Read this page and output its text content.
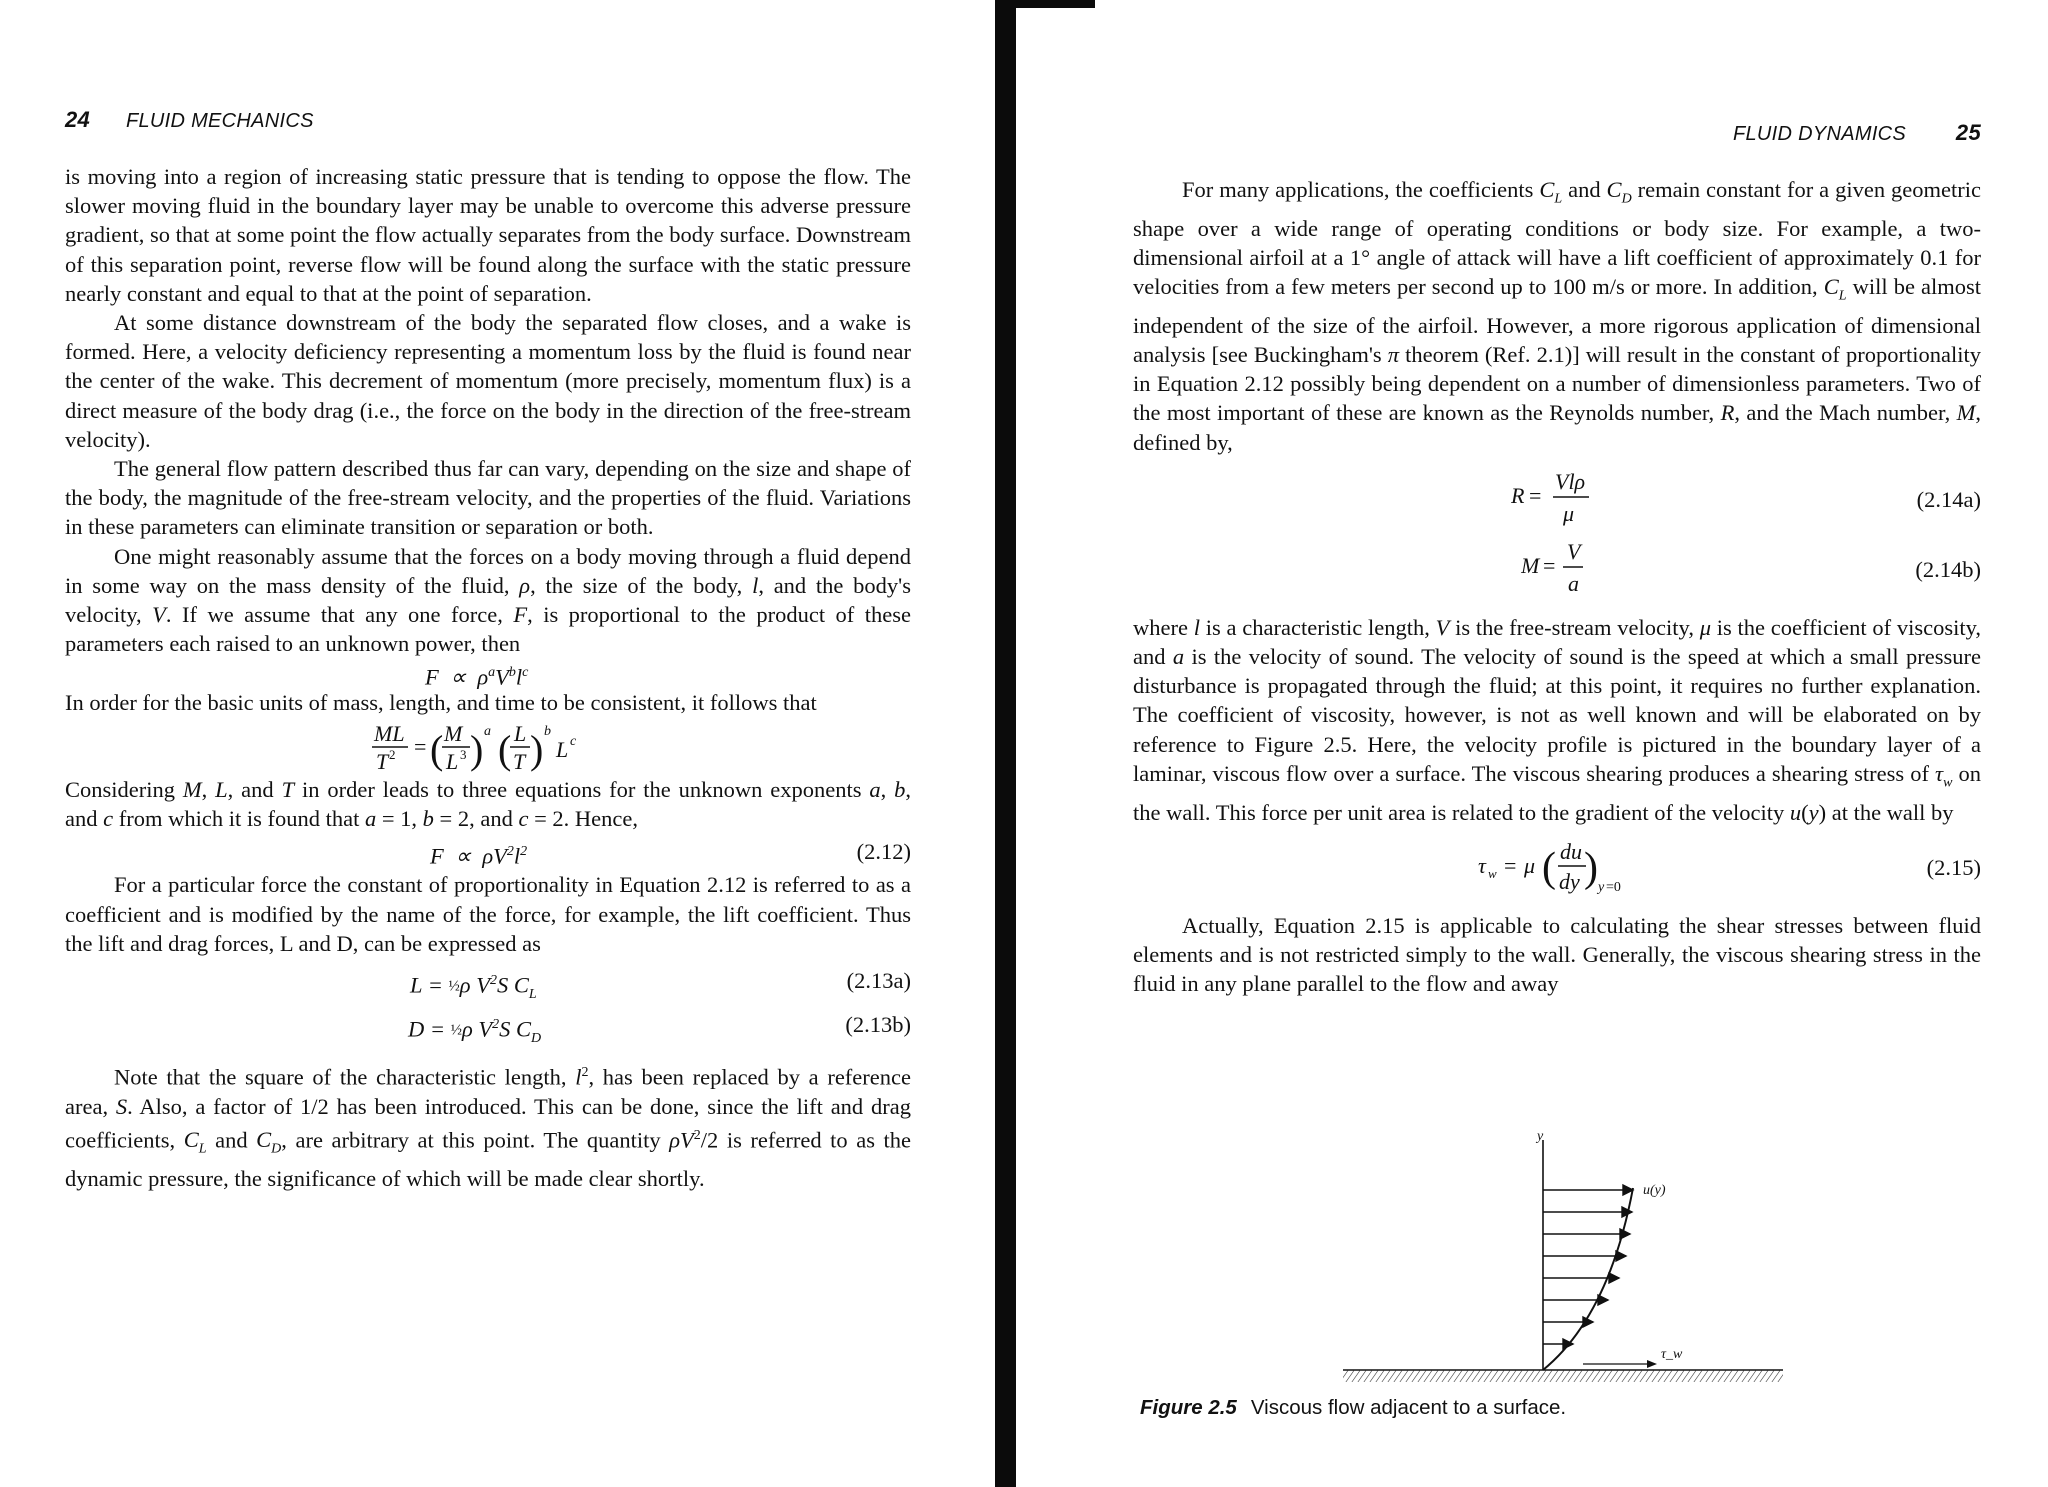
24 FLUID MECHANICS

is moving into a region of increasing static pressure that is tending to oppose the flow. The slower moving fluid in the boundary layer may be unable to overcome this adverse pressure gradient, so that at some point the flow actually separates from the body surface. Downstream of this separation point, reverse flow will be found along the surface with the static pressure nearly constant and equal to that at the point of separation.

At some distance downstream of the body the separated flow closes, and a wake is formed. Here, a velocity deficiency representing a momentum loss by the fluid is found near the center of the wake. This decrement of momentum (more precisely, momentum flux) is a direct measure of the body drag (i.e., the force on the body in the direction of the free-stream velocity).

The general flow pattern described thus far can vary, depending on the size and shape of the body, the magnitude of the free-stream velocity, and the properties of the fluid. Variations in these parameters can eliminate transition or separation or both.

One might reasonably assume that the forces on a body moving through a fluid depend in some way on the mass density of the fluid, ρ, the size of the body, l, and the body's velocity, V. If we assume that any one force, F, is proportional to the product of these parameters each raised to an unknown power, then

$F \propto \rho^aV^bl^c$

In order for the basic units of mass, length, and time to be consistent, it follows that

ML
T 2 = ( M
L 3 ) a ( L
T ) b
L c

Considering M, L, and T in order leads to three equations for the unknown exponents a, b, and c from which it is found that a = 1, b = 2, and c = 2. Hence,

$F \propto \rho V^2l^2$	(2.12)

For a particular force the constant of proportionality in Equation 2.12 is referred to as a coefficient and is modified by the name of the force, for example, the lift coefficient. Thus the lift and drag forces, L and D, can be expressed as

L = ½ρ $V^2S$ $C_L$
(2.13a)
D = ½ρ $V^2S$ $C_D$
(2.13b)

Note that the square of the characteristic length, $l^2$, has been replaced by a reference area, S. Also, a factor of 1/2 has been introduced. This can be done, since the lift and drag coefficients, $C_L$ and $C_D$, are arbitrary at this point. The quantity $\rho V^2/2$ is referred to as the dynamic pressure, the significance of which will be made clear shortly.

FLUID DYNAMICS 25

For many applications, the coefficients $C_L$ and $C_D$ remain constant for a given geometric shape over a wide range of operating conditions or body size. For example, a two-dimensional airfoil at a 1° angle of attack will have a lift coefficient of approximately 0.1 for velocities from a few meters per second up to 100 m/s or more. In addition, $C_L$ will be almost independent of the size of the airfoil. However, a more rigorous application of dimensional analysis [see Buckingham's π theorem (Ref. 2.1)] will result in the constant of proportionality in Equation 2.12 possibly being dependent on a number of dimensionless parameters. Two of the most important of these are known as the Reynolds number, R, and the Mach number, M, defined by,

R =
Vlρ
μ
(2.14a)
M =
V
a
(2.14b)

where l is a characteristic length, V is the free-stream velocity, μ is the coefficient of viscosity, and a is the velocity of sound. The velocity of sound is the speed at which a small pressure disturbance is propagated through the fluid; at this point, it requires no further explanation. The coefficient of viscosity, however, is not as well known and will be elaborated on by reference to Figure 2.5. Here, the velocity profile is pictured in the boundary layer of a laminar, viscous flow over a surface. The viscous shearing produces a shearing stress of $\tau_w$ on the wall. This force per unit area is related to the gradient of the velocity u(y) at the wall by

τ w = μ ( du
dy ) y =0
(2.15)

Actually, Equation 2.15 is applicable to calculating the shear stresses between fluid elements and is not restricted simply to the wall. Generally, the viscous shearing stress in the fluid in any plane parallel to the flow and away

y
u(y)
τ_w
Figure 2.5 Viscous flow adjacent to a surface.
